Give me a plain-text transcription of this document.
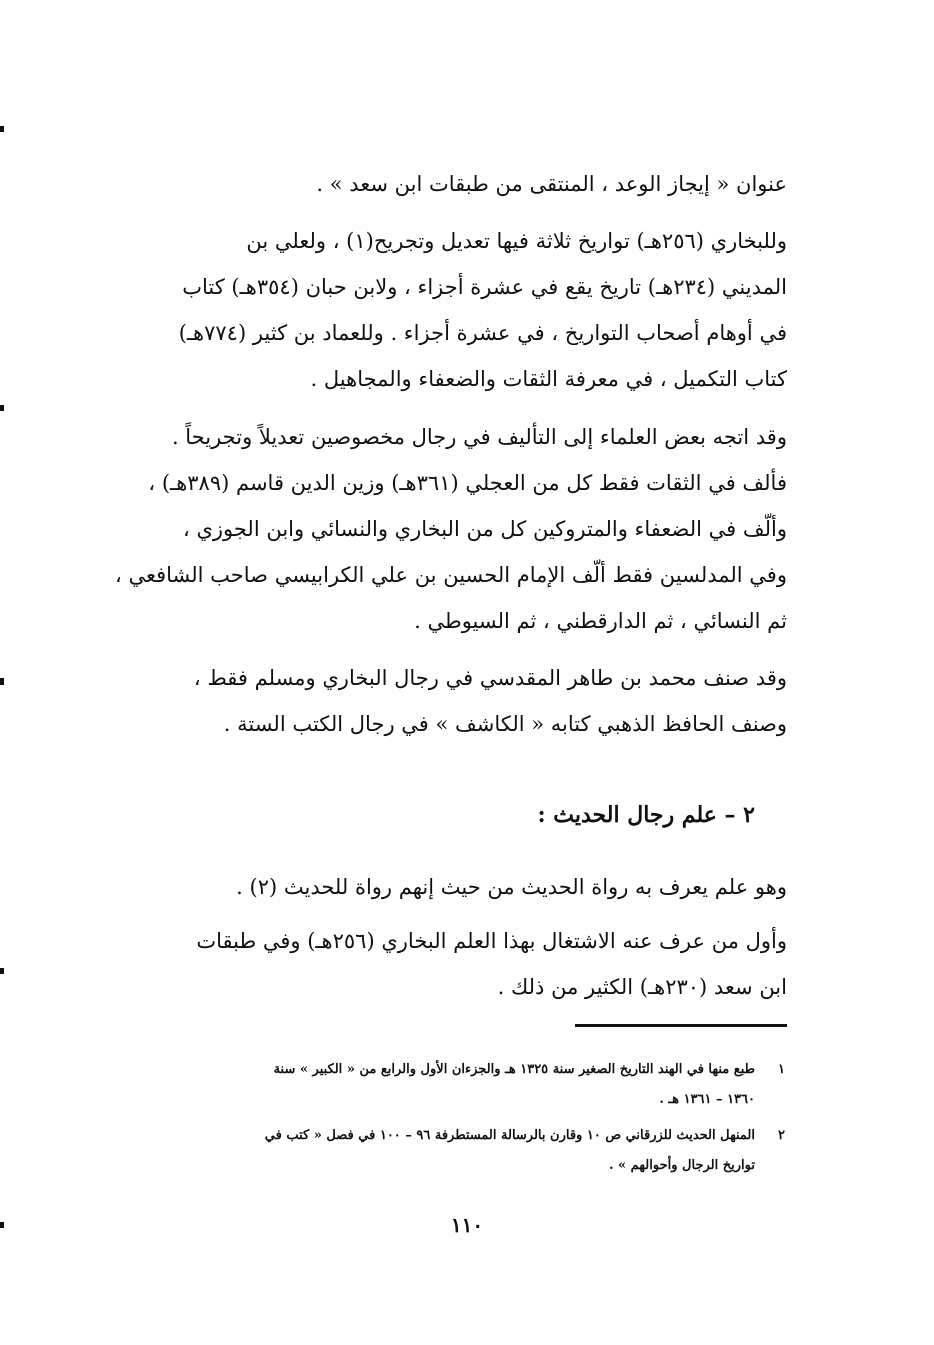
عنوان « إيجاز الوعد ، المنتقى من طبقات ابن سعد » .
وللبخاري (٢٥٦هـ) تواريخ ثلاثة فيها تعديل وتجريح(١) ، ولعلي بن
المديني (٢٣٤هـ) تاريخ يقع في عشرة أجزاء ، ولابن حبان (٣٥٤هـ) كتاب
في أوهام أصحاب التواريخ ، في عشرة أجزاء . وللعماد بن كثير (٧٧٤هـ)
كتاب التكميل ، في معرفة الثقات والضعفاء والمجاهيل .
وقد اتجه بعض العلماء إلى التأليف في رجال مخصوصين تعديلاً وتجريحاً .
فألف في الثقات فقط كل من العجلي (٣٦١هـ) وزين الدين قاسم (٣٨٩هـ) ،
وألّف في الضعفاء والمتروكين كل من البخاري والنسائي وابن الجوزي ،
وفي المدلسين فقط ألّف الإمام الحسين بن علي الكرابيسي صاحب الشافعي ،
ثم النسائي ، ثم الدارقطني ، ثم السيوطي .
وقد صنف محمد بن طاهر المقدسي في رجال البخاري ومسلم فقط ،
وصنف الحافظ الذهبي كتابه « الكاشف » في رجال الكتب الستة .
٢ – علم رجال الحديث :
وهو علم يعرف به رواة الحديث من حيث إنهم رواة للحديث (٢) .
وأول من عرف عنه الاشتغال بهذا العلم البخاري (٢٥٦هـ) وفي طبقات
ابن سعد (٢٣٠هـ) الكثير من ذلك .
١
طبع منها في الهند التاريخ الصغير سنة ١٣٢٥ هـ والجزءان الأول والرابع من « الكبير » سنة
١٣٦٠ – ١٣٦١ هـ .
٢
المنهل الحديث للزرقاني ص ١٠ وقارن بالرسالة المستطرفة ٩٦ – ١٠٠ في فصل « كتب في
تواريخ الرجال وأحوالهم » .
١١٠
